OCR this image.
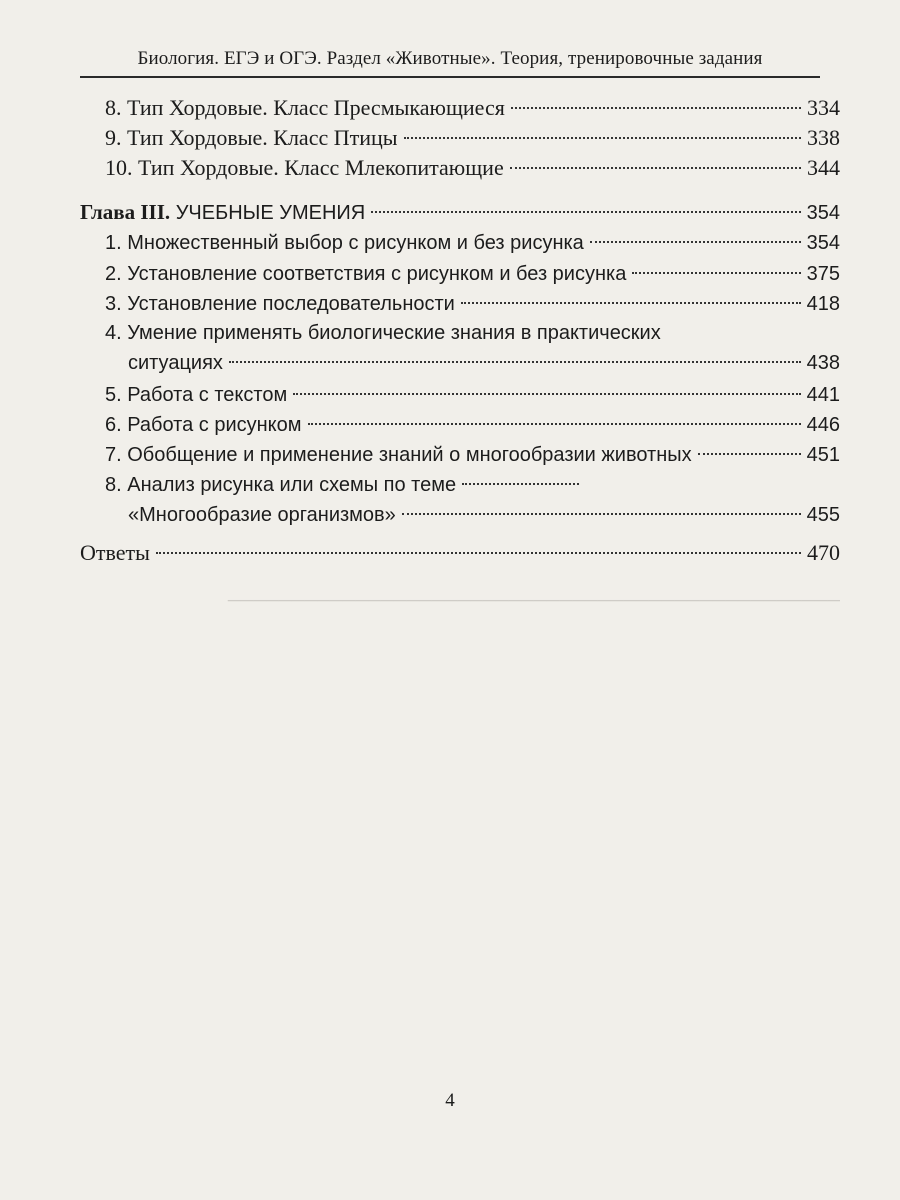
────────────────────────────────────────────────
Биология. ЕГЭ и ОГЭ. Раздел «Животные». Теория, тренировочные задания
8. Тип Хордовые. Класс Пресмыкающиеся	334
9. Тип Хордовые. Класс Птицы	338
10. Тип Хордовые. Класс Млекопитающие	344
Глава III. УЧЕБНЫЕ УМЕНИЯ	354
1. Множественный выбор с рисунком и без рисунка	354
2. Установление соответствия с рисунком и без рисунка	375
3. Установление последовательности	418
4. Умение применять биологические знания в практических
ситуациях	438
5. Работа с текстом	441
6. Работа с рисунком	446
7. Обобщение и применение знаний о многообразии животных	451
8. Анализ рисунка или схемы по теме
«Многообразие организмов»	455
Ответы	470
4
